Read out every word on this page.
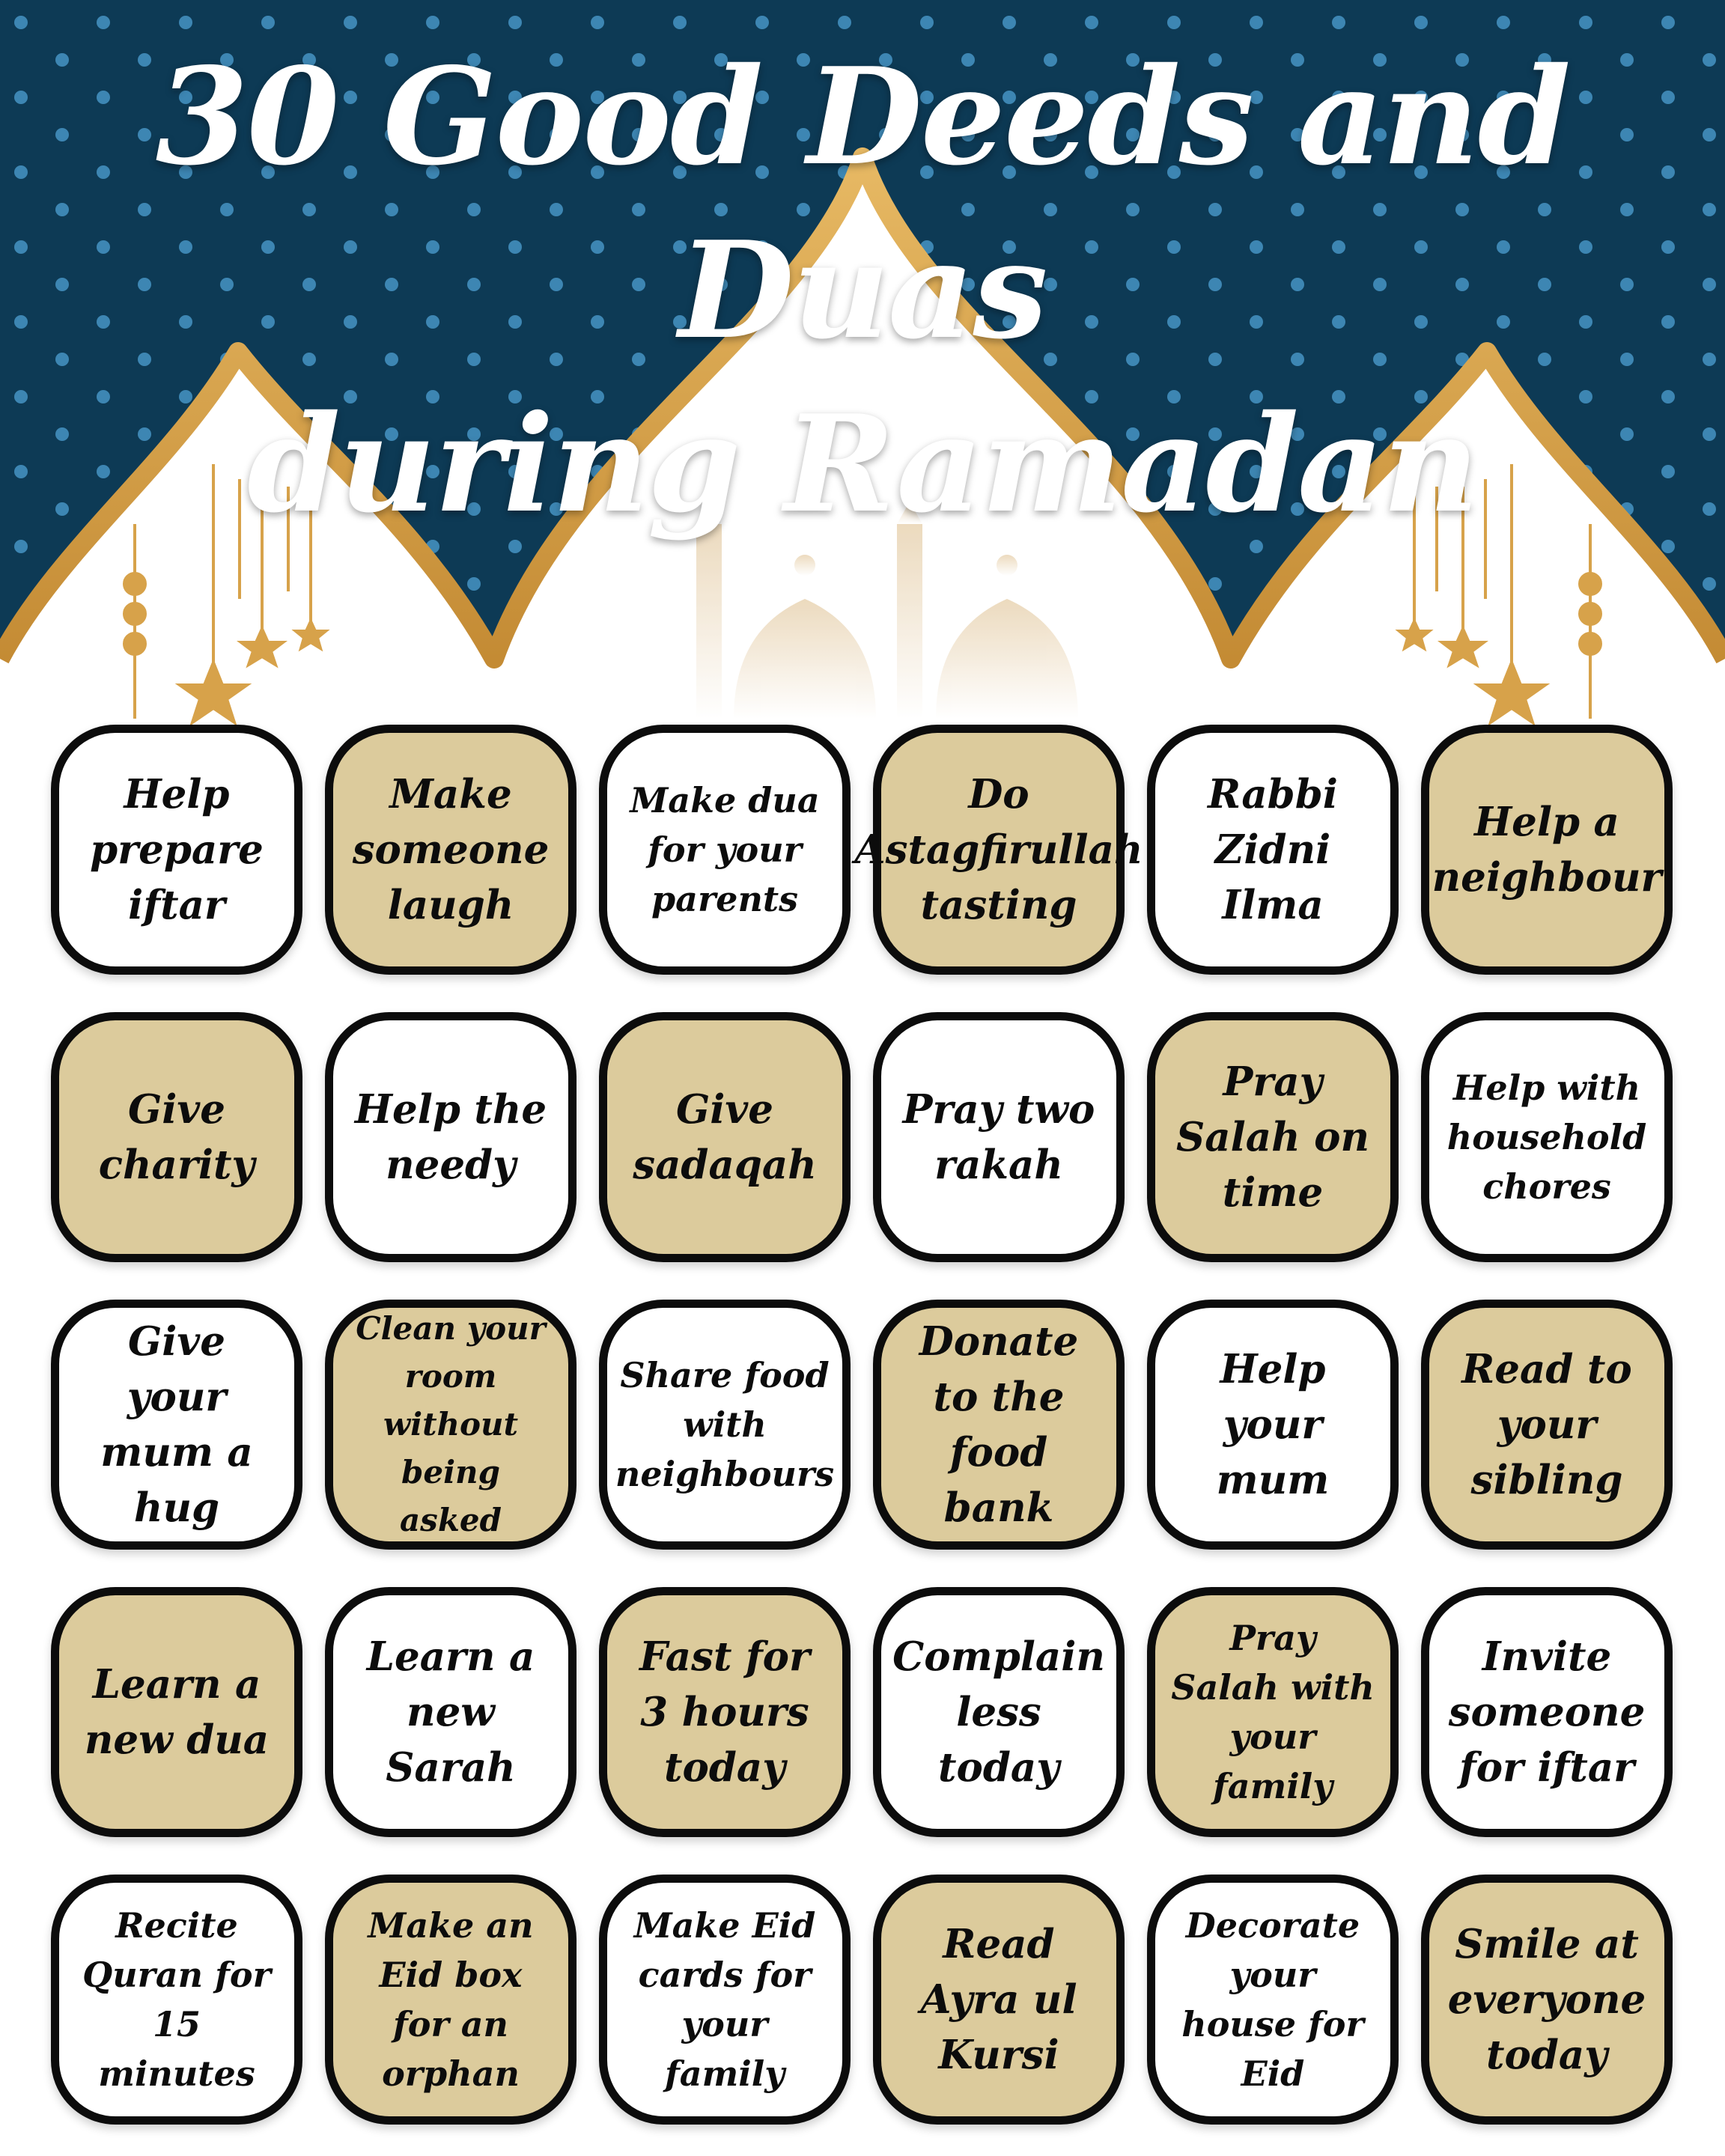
30 Good Deeds and Duas
during Ramadan
Help prepare iftar
Make someone laugh
Make dua for your parents
Do Astagfirullah tasting
Rabbi Zidni Ilma
Help a neighbour
Give charity
Help the needy
Give sadaqah
Pray two rakah
Pray Salah on time
Help with household chores
Give your mum a hug
Clean your room without being asked
Share food with neighbours
Donate to the food bank
Help your mum
Read to your sibling
Learn a new dua
Learn a new Sarah
Fast for 3 hours today
Complain less today
Pray Salah with your family
Invite someone for iftar
Recite Quran for 15 minutes
Make an Eid box for an orphan
Make Eid cards for your family
Read Ayra ul Kursi
Decorate your house for Eid
Smile at everyone today
